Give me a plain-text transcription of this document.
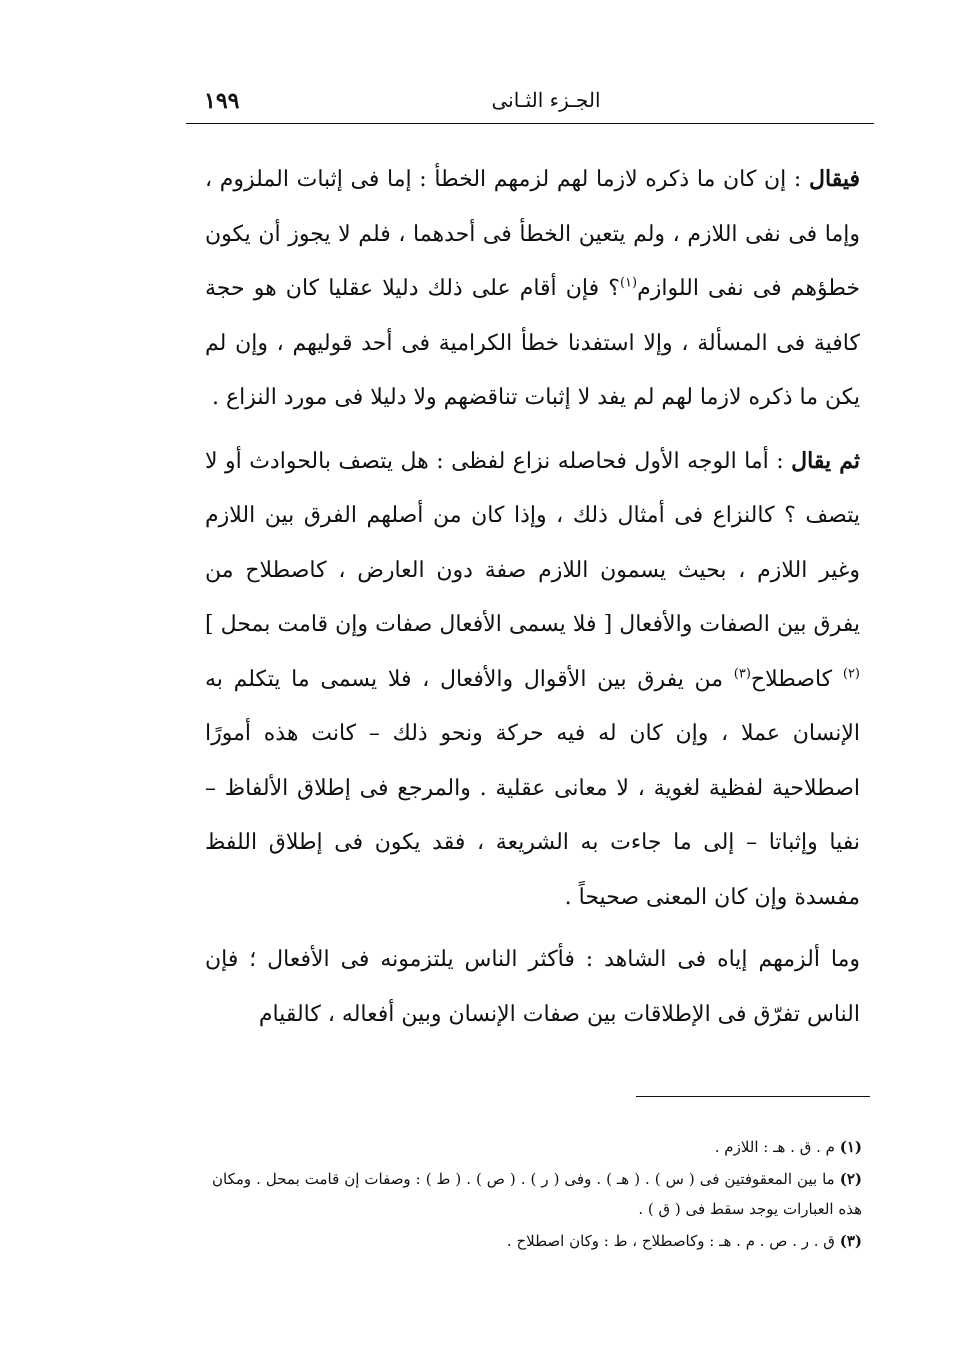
١٩٩	الجـزء الثـانى

فيقال : إن كان ما ذكره لازما لهم لزمهم الخطأ : إما فى إثبات الملزوم ، وإما فى نفى اللازم ، ولم يتعين الخطأ فى أحدهما ، فلم لا يجوز أن يكون خطؤهم فى نفى اللوازم$^{(١)}$؟ فإن أقام على ذلك دليلا عقليا كان هو حجة كافية فى المسألة ، وإلا استفدنا خطأ الكرامية فى أحد قوليهم ، وإن لم يكن ما ذكره لازما لهم لم يفد لا إثبات تناقضهم ولا دليلا فى مورد النزاع .

ثم يقال : أما الوجه الأول فحاصله نزاع لفظى : هل يتصف بالحوادث أو لا يتصف ؟ كالنزاع فى أمثال ذلك ، وإذا كان من أصلهم الفرق بين اللازم وغير اللازم ، بحيث يسمون اللازم صفة دون العارض ، كاصطلاح من يفرق بين الصفات والأفعال [ فلا يسمى الأفعال صفات وإن قامت بمحل ]$^{(٢)}$ كاصطلاح$^{(٣)}$ من يفرق بين الأقوال والأفعال ، فلا يسمى ما يتكلم به الإنسان عملا ، وإن كان له فيه حركة ونحو ذلك – كانت هذه أمورًا اصطلاحية لفظية لغوية ، لا معانى عقلية . والمرجع فى إطلاق الألفاظ – نفيا وإثباتا – إلى ما جاءت به الشريعة ، فقد يكون فى إطلاق اللفظ مفسدة وإن كان المعنى صحيحاً .

وما ألزمهم إياه فى الشاهد : فأكثر الناس يلتزمونه فى الأفعال ؛ فإن الناس تفرّق فى الإطلاقات بين صفات الإنسان وبين أفعاله ، كالقيام

(١) م . ق . هـ : اللازم .

(٢) ما بين المعقوفتين فى ( س ) . ( هـ ) . وفى ( ر ) . ( ص ) . ( ط ) : وصفات إن قامت بمحل . ومكان هذه العبارات يوجد سقط فى ( ق ) .

(٣) ق . ر . ص . م . هـ : وكاصطلاح ، ط : وكان اصطلاح .
